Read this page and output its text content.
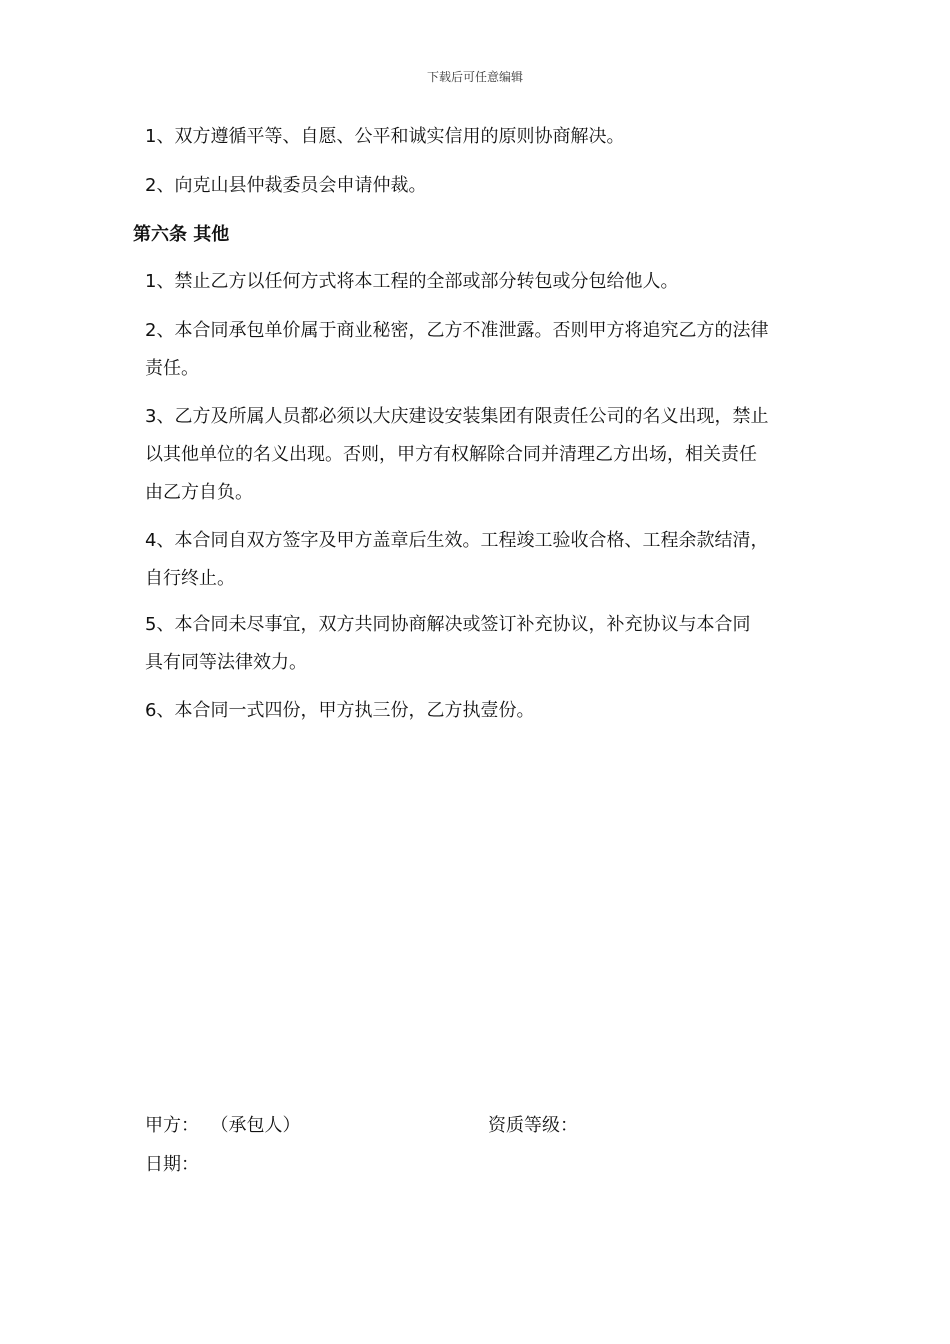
下载后可任意编辑
1、双方遵循平等、自愿、公平和诚实信用的原则协商解决。
2、向克山县仲裁委员会申请仲裁。
第六条 其他
1、禁止乙方以任何方式将本工程的全部或部分转包或分包给他人。
2、本合同承包单价属于商业秘密，乙方不准泄露。否则甲方将追究乙方的法律
责任。
3、乙方及所属人员都必须以大庆建设安装集团有限责任公司的名义出现，禁止
以其他单位的名义出现。否则，甲方有权解除合同并清理乙方出场，相关责任
由乙方自负。
4、本合同自双方签字及甲方盖章后生效。工程竣工验收合格、工程余款结清，
自行终止。
5、本合同未尽事宜，双方共同协商解决或签订补充协议，补充协议与本合同
具有同等法律效力。
6、本合同一式四份，甲方执三份，乙方执壹份。
甲方：  （承包人）	资质等级：
日期：
